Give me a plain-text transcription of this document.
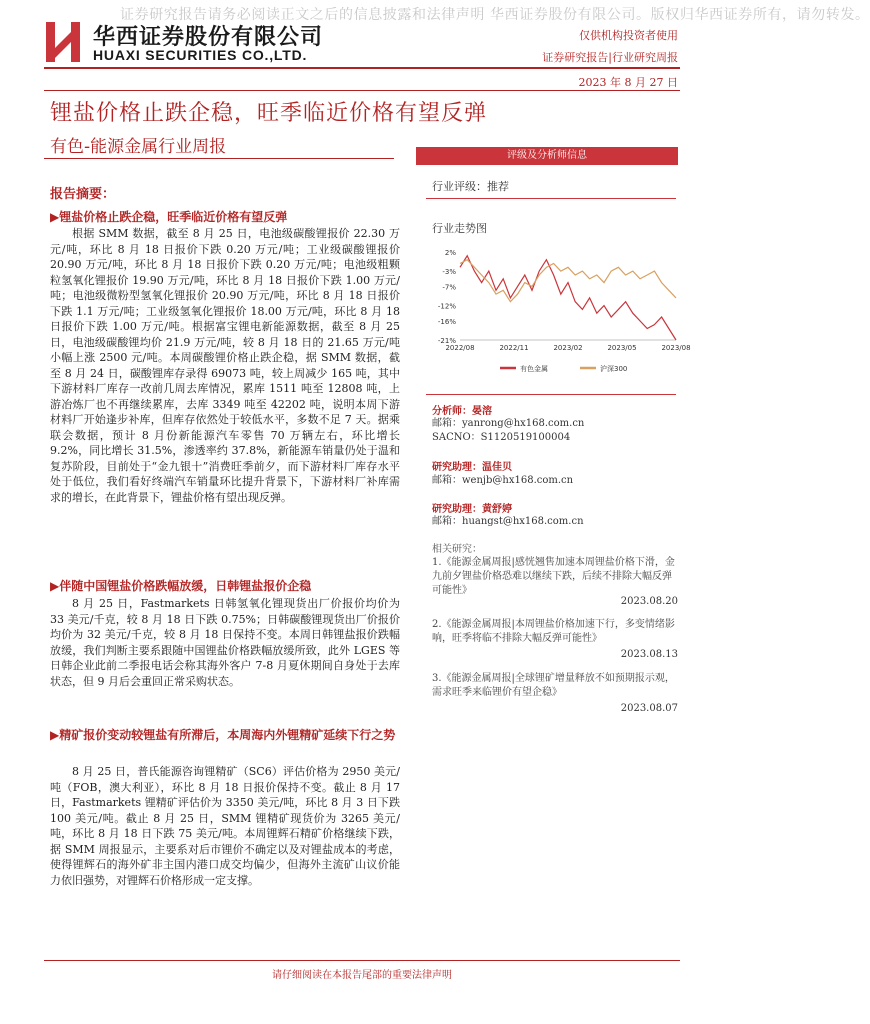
证券研究报告请务必阅读正文之后的信息披露和法律声明 华西证券股份有限公司。版权归华西证券所有，请勿转发。
华西证券股份有限公司
HUAXI SECURITIES CO.,LTD.
仅供机构投资者使用
证券研究报告|行业研究周报
2023 年 8 月 27 日
锂盐价格止跌企稳，旺季临近价格有望反弹
有色-能源金属行业周报	评级及分析师信息
行业评级：推荐
行业走势图
2%
-3%
-7%
-12%
-16%
-21%
2022/08	2022/11	2023/02	2023/05	2023/08
有色金属	沪深300
分析师：晏溶
邮箱：yanrong@hx168.com.cn
SACNO：S1120519100004
研究助理：温佳贝
邮箱：wenjb@hx168.com.cn
研究助理：黄舒婷
邮箱：huangst@hx168.com.cn
相关研究：
1.《能源金属周报|感恍翘售加速本周锂盐价格下滑，金九前夕锂盐价格恐难以继续下跌，后续不排除大幅反弹可能性》
2023.08.20
2.《能源金属周报|本周锂盐价格加速下行，多变情绪影响，旺季将临不排除大幅反弹可能性》
2023.08.13
3.《能源金属周报|全球锂矿增量释放不如预期报示观，需求旺季来临锂价有望企稳》
2023.08.07
报告摘要：
▶锂盐价格止跌企稳，旺季临近价格有望反弹
根据 SMM 数据，截至 8 月 25 日，电池级碳酸锂报价 22.30 万元/吨，环比 8 月 18 日报价下跌 0.20 万元/吨；工业级碳酸锂报价 20.90 万元/吨，环比 8 月 18 日报价下跌 0.20 万元/吨；电池级粗颗粒氢氧化锂报价 19.90 万元/吨，环比 8 月 18 日报价下跌 1.00 万元/吨；电池级微粉型氢氧化锂报价 20.90 万元/吨，环比 8 月 18 日报价下跌 1.1 万元/吨；工业级氢氧化锂报价 18.00 万元/吨，环比 8 月 18 日报价下跌 1.00 万元/吨。根据富宝锂电新能源数据，截至 8 月 25 日，电池级碳酸锂均价 21.9 万元/吨，较 8 月 18 日的 21.65 万元/吨小幅上涨 2500 元/吨。本周碳酸锂价格止跌企稳，据 SMM 数据，截至 8 月 24 日，碳酸锂库存录得 69073 吨，较上周减少 165 吨，其中下游材料厂库存一改前几周去库情况，累库 1511 吨至 12808 吨，上游冶炼厂也不再继续累库，去库 3349 吨至 42202 吨，说明本周下游材料厂开始逢步补库，但库存依然处于较低水平，多数不足 7 天。据乘联会数据，预计 8 月份新能源汽车零售 70 万辆左右，环比增长 9.2%，同比增长 31.5%，渗透率约 37.8%，新能源车销量仍处于温和复苏阶段，目前处于“金九银十”消费旺季前夕，而下游材料厂库存水平处于低位，我们看好终端汽车销量环比提升背景下，下游材料厂补库需求的增长，在此背景下，锂盐价格有望出现反弹。
▶伴随中国锂盐价格跌幅放缓，日韩锂盐报价企稳
8 月 25 日，Fastmarkets 日韩氢氧化锂现货出厂价报价均价为 33 美元/千克，较 8 月 18 日下跌 0.75%；日韩碳酸锂现货出厂价报价均价为 32 美元/千克，较 8 月 18 日保持不变。本周日韩锂盐报价跌幅放缓，我们判断主要系跟随中国锂盐价格跌幅放缓所致，此外 LGES 等日韩企业此前二季报电话会称其海外客户 7-8 月夏休期间自身处于去库状态，但 9 月后会重回正常采购状态。
▶精矿报价变动较锂盐有所滞后，本周海内外锂精矿延续下行之势
8 月 25 日，普氏能源咨询锂精矿（SC6）评估价格为 2950 美元/吨（FOB，澳大利亚），环比 8 月 18 日报价保持不变。截止 8 月 17 日，Fastmarkets 锂精矿评估价为 3350 美元/吨，环比 8 月 3 日下跌 100 美元/吨。截止 8 月 25 日，SMM 锂精矿现货价为 3265 美元/吨，环比 8 月 18 日下跌 75 美元/吨。本周锂辉石精矿价格继续下跌，据 SMM 周报显示，主要系对后市锂价不确定以及对锂盐成本的考虑，使得锂辉石的海外矿非主国内港口成交均偏少，但海外主流矿山议价能力依旧强势，对锂辉石价格形成一定支撑。
请仔细阅读在本报告尾部的重要法律声明
